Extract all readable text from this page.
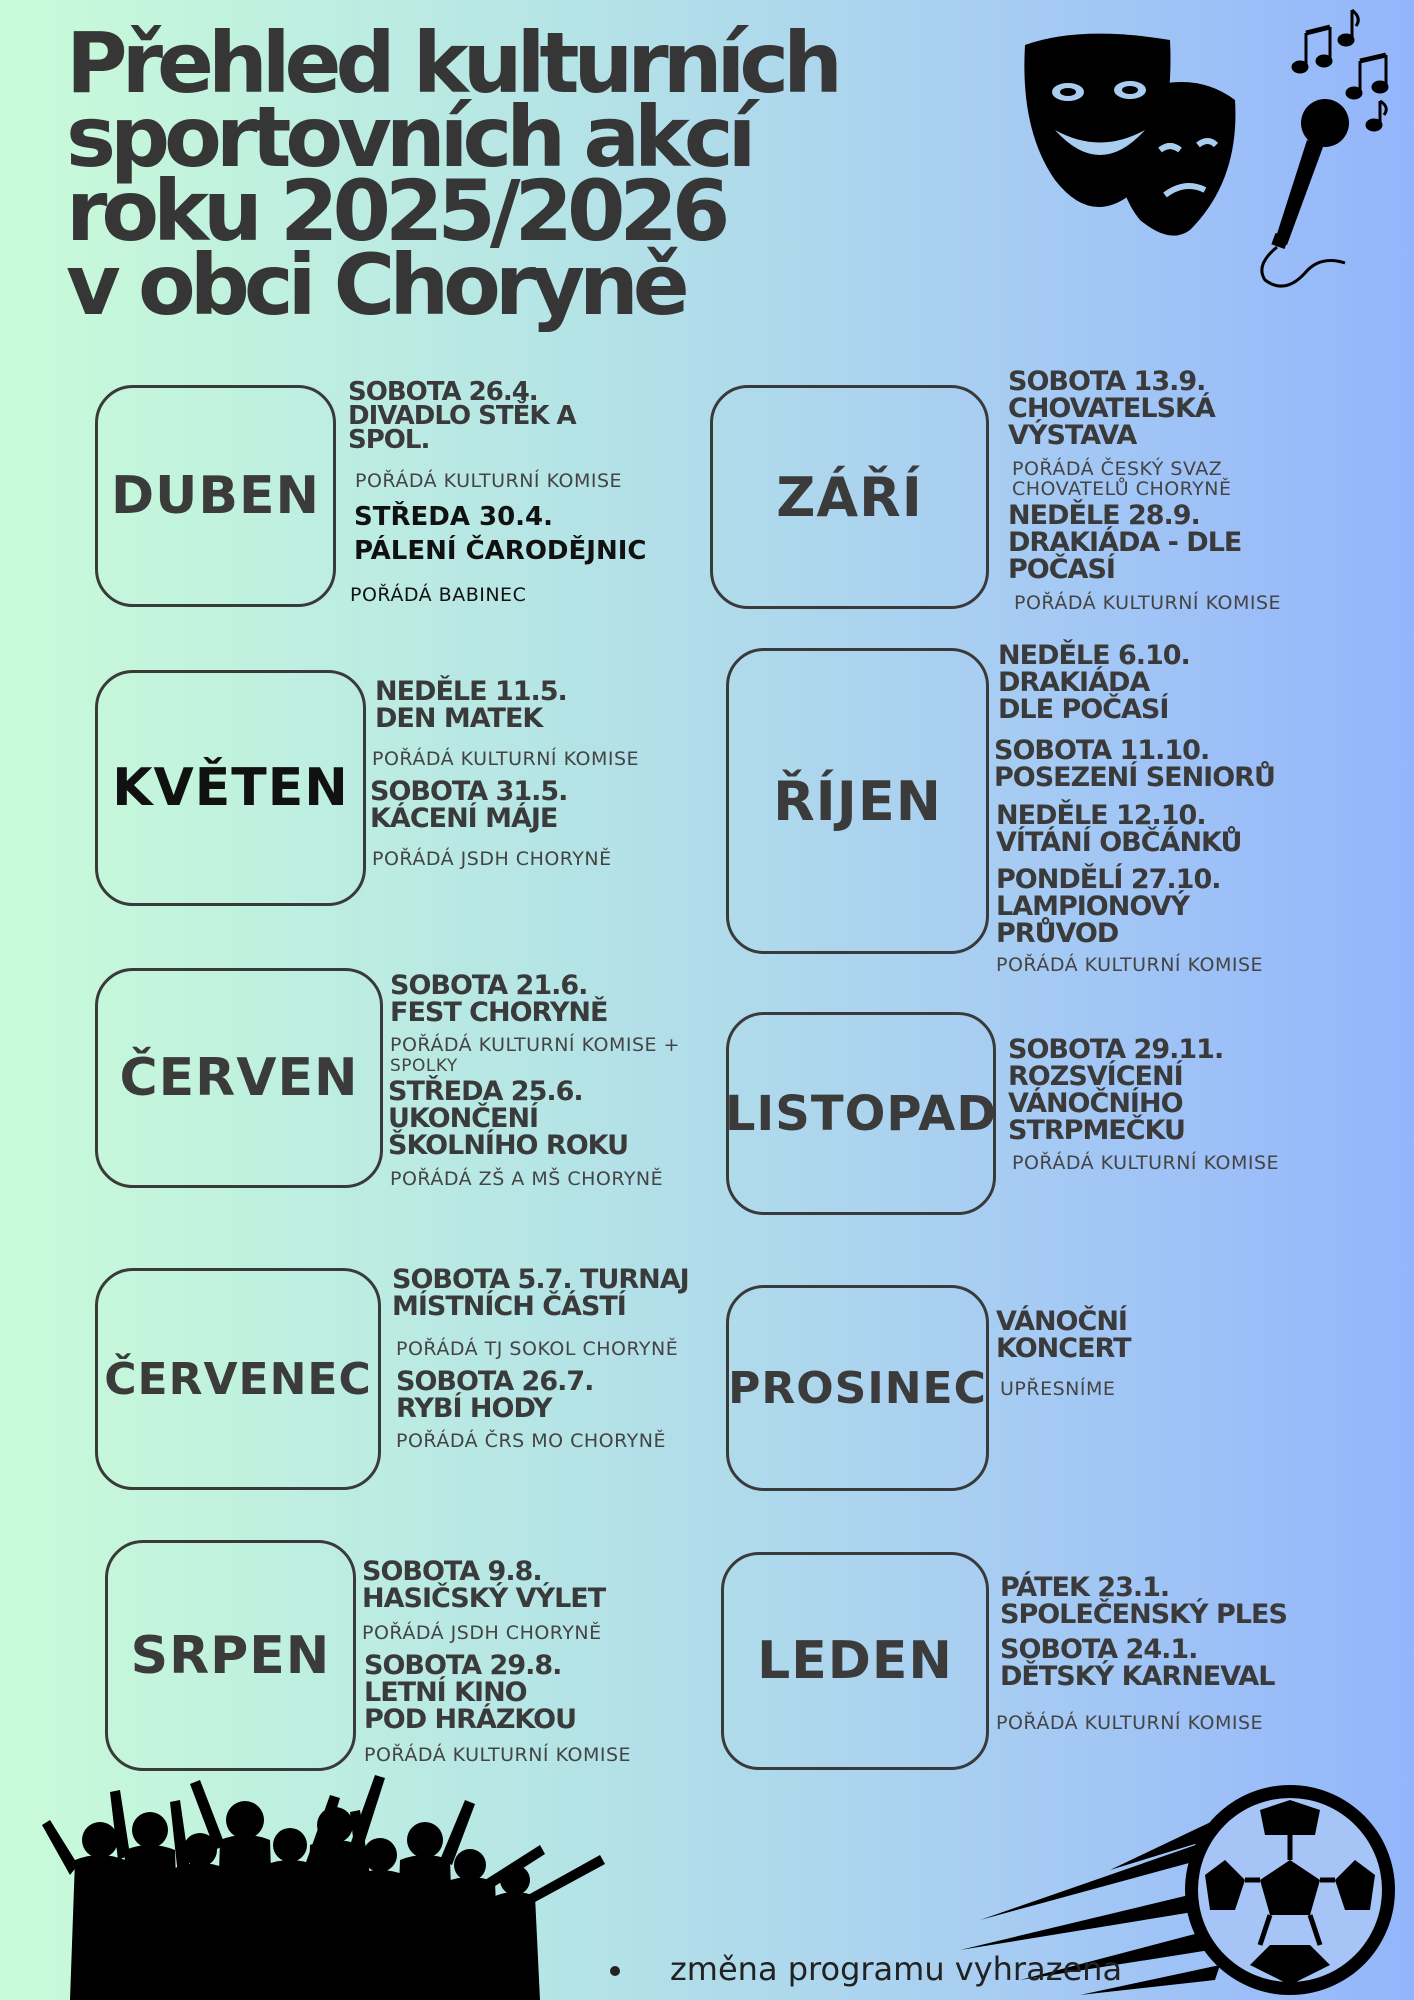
Přehled kulturních
sportovních akcí
roku 2025/2026
v obci Choryně
DUBEN
KVĚTEN
ČERVEN
ČERVENEC
SRPEN
ZÁŘÍ
ŘÍJEN
LISTOPAD
PROSINEC
LEDEN
SOBOTA 26.4.
DIVADLO STĚK A
SPOL.
POŘÁDÁ KULTURNÍ KOMISE
STŘEDA 30.4.
PÁLENÍ ČARODĚJNIC
POŘÁDÁ BABINEC
NEDĚLE 11.5.
DEN MATEK
POŘÁDÁ KULTURNÍ KOMISE
SOBOTA 31.5.
KÁCENÍ MÁJE
POŘÁDÁ JSDH CHORYNĚ
SOBOTA 21.6.
FEST CHORYNĚ
POŘÁDÁ KULTURNÍ KOMISE +
SPOLKY
STŘEDA 25.6.
UKONČENÍ
ŠKOLNÍHO ROKU
POŘÁDÁ ZŠ A MŠ CHORYNĚ
SOBOTA 5.7. TURNAJ
MÍSTNÍCH ČÁSTÍ
POŘÁDÁ TJ SOKOL CHORYNĚ
SOBOTA 26.7.
RYBÍ HODY
POŘÁDÁ ČRS MO CHORYNĚ
SOBOTA 9.8.
HASIČSKÝ VÝLET
POŘÁDÁ JSDH CHORYNĚ
SOBOTA 29.8.
LETNÍ KINO
POD HRÁZKOU
POŘÁDÁ KULTURNÍ KOMISE
SOBOTA 13.9.
CHOVATELSKÁ
VÝSTAVA
POŘÁDÁ ČESKÝ SVAZ
CHOVATELŮ CHORYNĚ
NEDĚLE 28.9.
DRAKIÁDA - DLE
POČASÍ
POŘÁDÁ KULTURNÍ KOMISE
NEDĚLE 6.10.
DRAKIÁDA
DLE POČASÍ
SOBOTA 11.10.
POSEZENÍ SENIORŮ
NEDĚLE 12.10.
VÍTÁNÍ OBČÁNKŮ
PONDĚLÍ 27.10.
LAMPIONOVÝ
PRŮVOD
POŘÁDÁ KULTURNÍ KOMISE
SOBOTA 29.11.
ROZSVÍCENÍ
VÁNOČNÍHO
STRPMEČKU
POŘÁDÁ KULTURNÍ KOMISE
VÁNOČNÍ
KONCERT
UPŘESNÍME
PÁTEK 23.1.
SPOLEČENSKÝ PLES
SOBOTA 24.1.
DĚTSKÝ KARNEVAL
POŘÁDÁ KULTURNÍ KOMISE
změna programu vyhrazena
